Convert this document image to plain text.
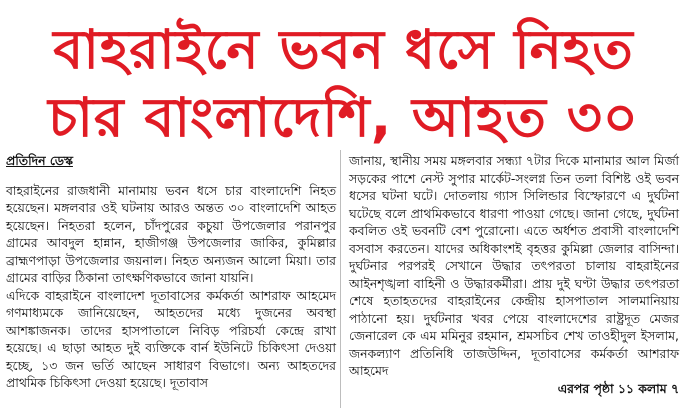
বাহরাইনে ভবন ধসে নিহত
চার বাংলাদেশি, আহত ৩০
প্রতিদিন ডেস্ক
বাহরাইনের রাজধানী মানামায় ভবন ধসে চার বাংলাদেশি নিহত হয়েছেন। মঙ্গলবার ওই ঘটনায় আরও অন্তত ৩০ বাংলাদেশি আহত হয়েছেন। নিহতরা হলেন, চাঁদপুরের কচুয়া উপজেলার পরানপুর গ্রামের আবদুল হান্নান, হাজীগঞ্জ উপজেলার জাকির, কুমিল্লার ব্রাহ্মণপাড়া উপজেলার জয়নাল। নিহত অন্যজন আলো মিয়া। তার গ্রামের বাড়ির ঠিকানা তাৎক্ষণিকভাবে জানা যায়নি।
এদিকে বাহরাইনে বাংলাদেশ দূতাবাসের কর্মকর্তা আশরাফ আহমেদ গণমাধ্যমকে জানিয়েছেন, আহতদের মধ্যে দুজনের অবস্থা আশঙ্কাজনক। তাদের হাসপাতালে নিবিড় পরিচর্যা কেন্দ্রে রাখা হয়েছে। এ ছাড়া আহত দুই ব্যক্তিকে বার্ন ইউনিটে চিকিৎসা দেওয়া হচ্ছে, ১৩ জন ভর্তি আছেন সাধারণ বিভাগে। অন্য আহতদের প্রাথমিক চিকিৎসা দেওয়া হয়েছে। দূতাবাস
জানায়, স্থানীয় সময় মঙ্গলবার সন্ধ্যা ৭টার দিকে মানামার আল মির্জা সড়কের পাশে নেস্ট সুপার মার্কেট-সংলগ্ন তিন তলা বিশিষ্ট ওই ভবন ধসের ঘটনা ঘটে। দোতলায় গ্যাস সিলিন্ডার বিস্ফোরণে এ দুর্ঘটনা ঘটেছে বলে প্রাথমিকভাবে ধারণা পাওয়া গেছে। জানা গেছে, দুর্ঘটনা কবলিত ওই ভবনটি বেশ পুরোনো। এতে অর্ধশত প্রবাসী বাংলাদেশি বসবাস করতেন। যাদের অধিকাংশই বৃহত্তর কুমিল্লা জেলার বাসিন্দা। দুর্ঘটনার পরপরই সেখানে উদ্ধার তৎপরতা চালায় বাহরাইনের আইনশৃঙ্খলা বাহিনী ও উদ্ধারকর্মীরা। প্রায় দুই ঘণ্টা উদ্ধার তৎপরতা শেষে হতাহতদের বাহরাইনের কেন্দ্রীয় হাসপাতাল সালমানিয়ায় পাঠানো হয়। দুর্ঘটনার খবর পেয়ে বাংলাদেশের রাষ্ট্রদূত মেজর জেনারেল কে এম মমিনুর রহমান, শ্রমসচিব শেখ তাওহীদুল ইসলাম, জনকল্যাণ প্রতিনিধি তাজউদ্দিন, দূতাবাসের কর্মকর্তা আশরাফ আহমেদ
এরপর পৃষ্ঠা ১১ কলাম ৭
